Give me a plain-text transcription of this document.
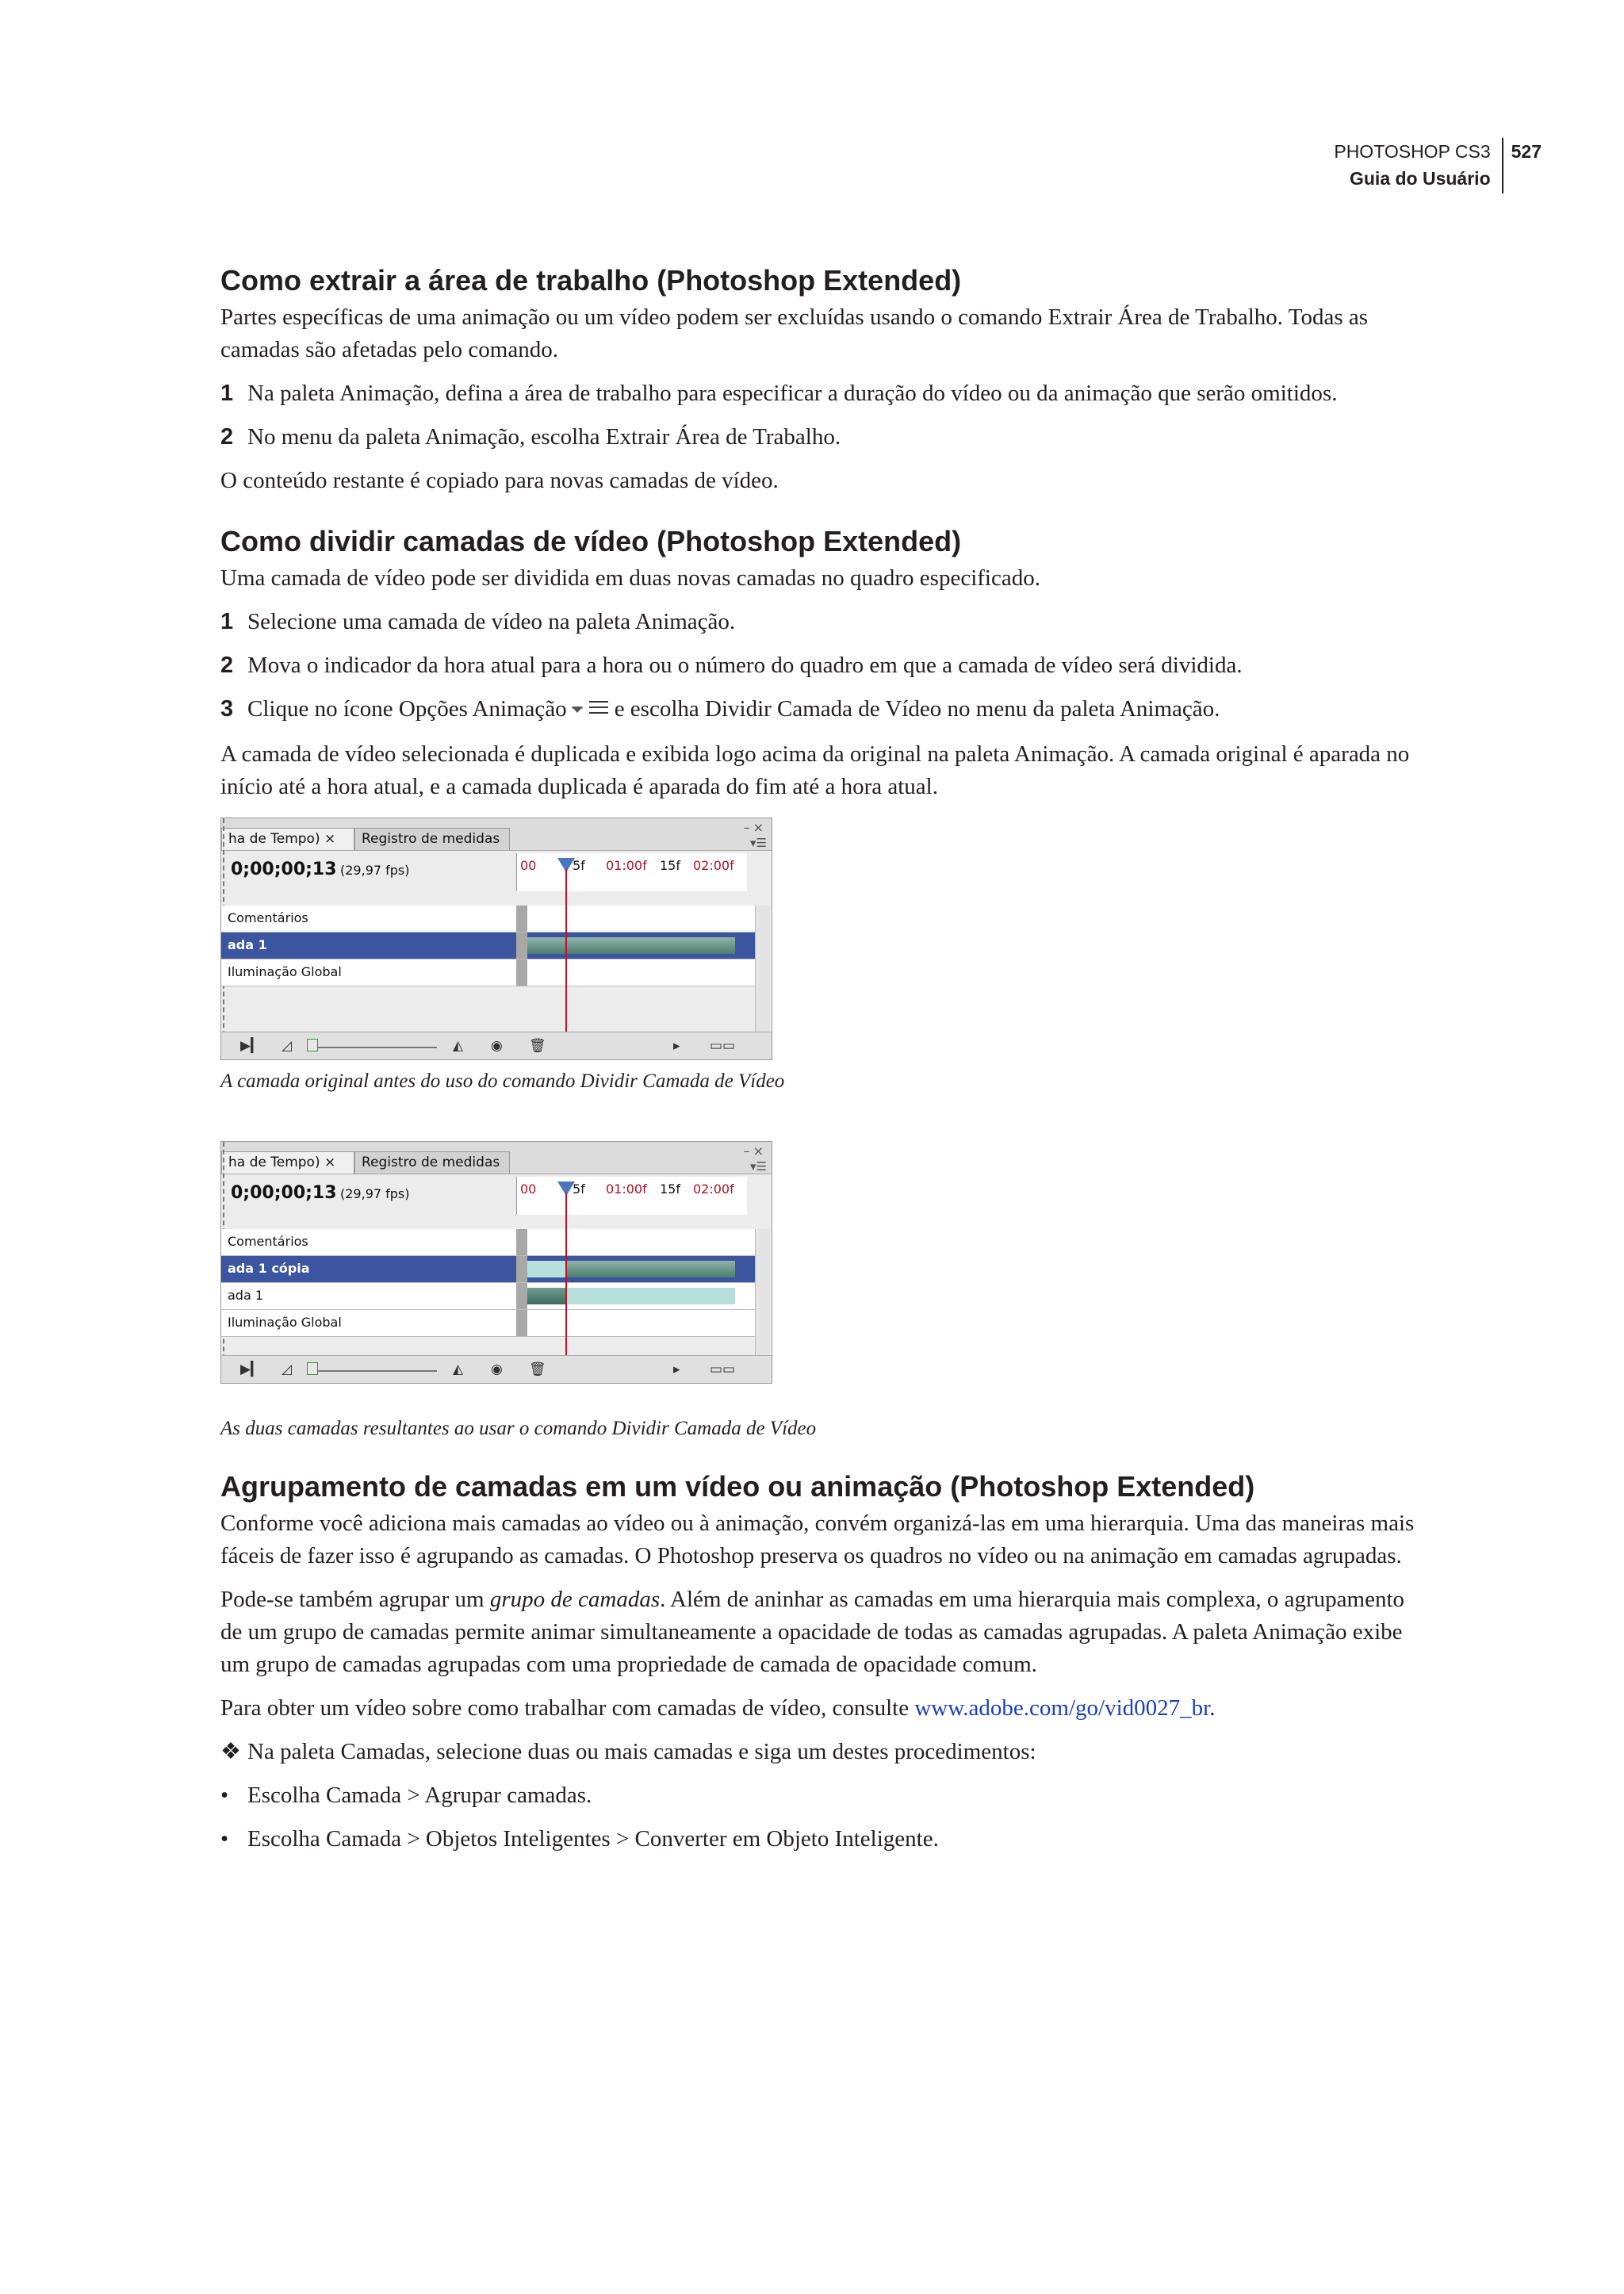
PHOTOSHOP CS3
Guia do Usuário
527
Como extrair a área de trabalho (Photoshop Extended)

Partes específicas de uma animação ou um vídeo podem ser excluídas usando o comando Extrair Área de Trabalho. Todas as camadas são afetadas pelo comando.

1 Na paleta Animação, defina a área de trabalho para especificar a duração do vídeo ou da animação que serão omitidos.
2 No menu da paleta Animação, escolha Extrair Área de Trabalho.

O conteúdo restante é copiado para novas camadas de vídeo.

Como dividir camadas de vídeo (Photoshop Extended)

Uma camada de vídeo pode ser dividida em duas novas camadas no quadro especificado.

1 Selecione uma camada de vídeo na paleta Animação.
2 Mova o indicador da hora atual para a hora ou o número do quadro em que a camada de vídeo será dividida.
3 Clique no ícone Opções Animação e escolha Dividir Camada de Vídeo no menu da paleta Animação.

A camada de vídeo selecionada é duplicada e exibida logo acima da original na paleta Animação. A camada original é aparada no início até a hora atual, e a camada duplicada é aparada do fim até a hora atual.

ha de Tempo) ×	Registro de medidas
–×
▾☰
0;00;00;13 (29,97 fps)	00	5f 01:00f 15f 02:00f
Comentários
ada 1
Iluminação Global
▶▎ ◿	◭ ◉ 🗑	▸ ▭▭

A camada original antes do uso do comando Dividir Camada de Vídeo

ha de Tempo) ×	Registro de medidas
–×
▾☰
0;00;00;13 (29,97 fps)	00	5f 01:00f 15f 02:00f
Comentários
ada 1 cópia
ada 1
Iluminação Global
▶▎ ◿	◭ ◉ 🗑	▸ ▭▭

As duas camadas resultantes ao usar o comando Dividir Camada de Vídeo

Agrupamento de camadas em um vídeo ou animação (Photoshop Extended)

Conforme você adiciona mais camadas ao vídeo ou à animação, convém organizá-las em uma hierarquia. Uma das maneiras mais fáceis de fazer isso é agrupando as camadas. O Photoshop preserva os quadros no vídeo ou na animação em camadas agrupadas.

Pode-se também agrupar um grupo de camadas. Além de aninhar as camadas em uma hierarquia mais complexa, o agrupamento de um grupo de camadas permite animar simultaneamente a opacidade de todas as camadas agrupadas. A paleta Animação exibe um grupo de camadas agrupadas com uma propriedade de camada de opacidade comum.

Para obter um vídeo sobre como trabalhar com camadas de vídeo, consulte www.adobe.com/go/vid0027_br.

❖ Na paleta Camadas, selecione duas ou mais camadas e siga um destes procedimentos:
• Escolha Camada > Agrupar camadas.
• Escolha Camada > Objetos Inteligentes > Converter em Objeto Inteligente.
